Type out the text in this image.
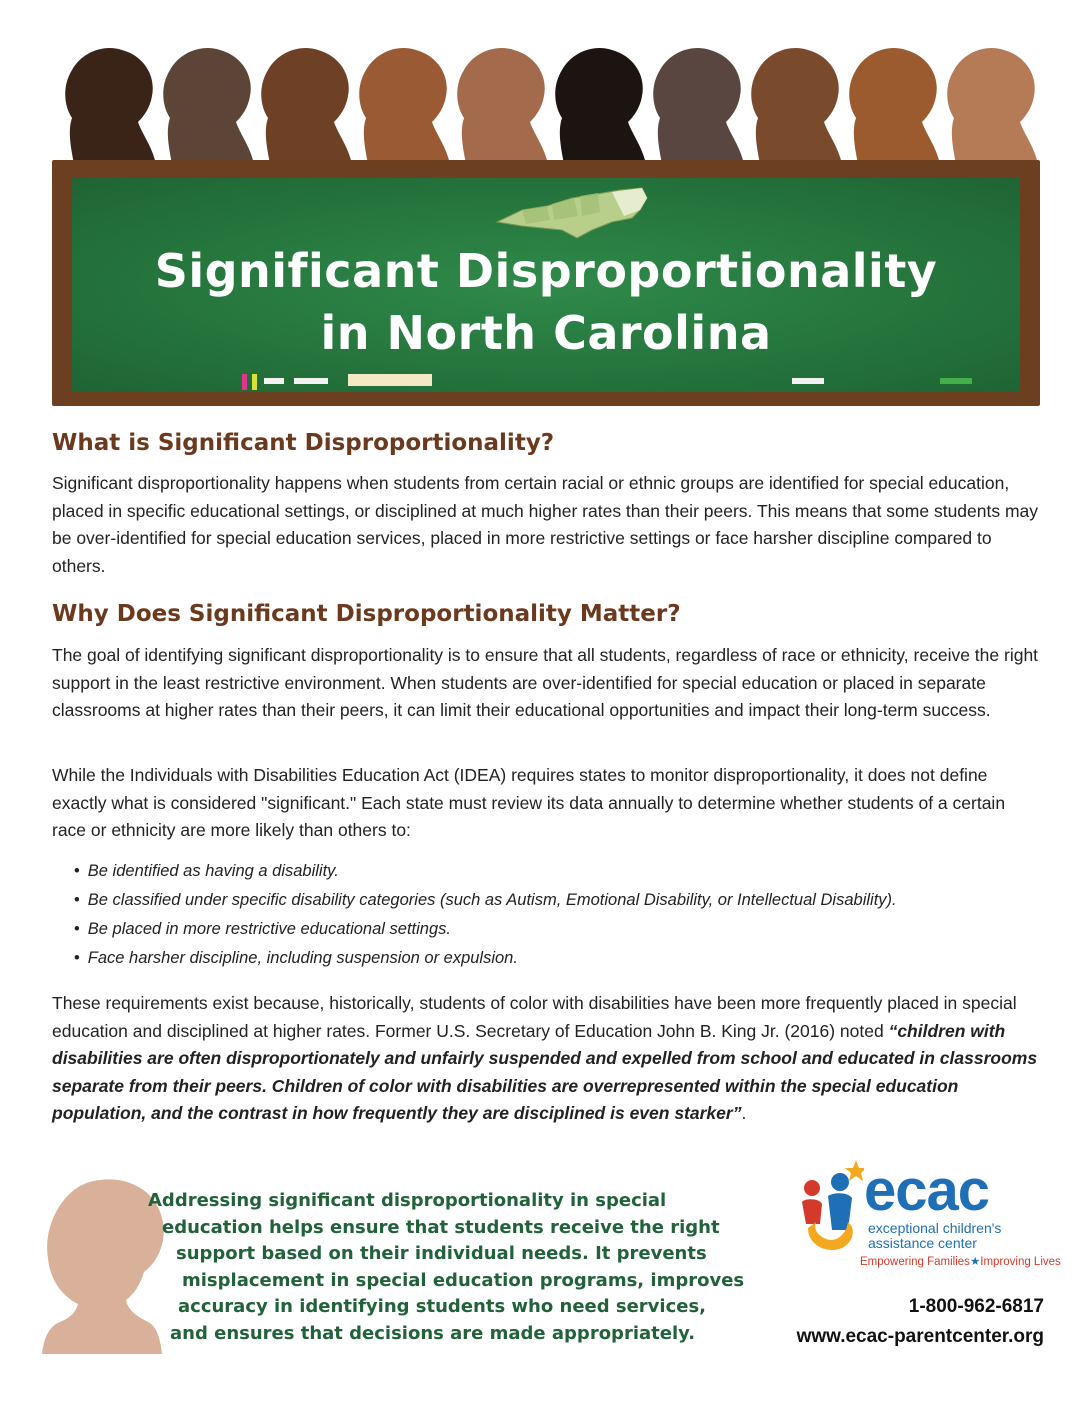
Significant Disproportionality
in North Carolina
What is Significant Disproportionality?
Significant disproportionality happens when students from certain racial or ethnic groups are identified for special education, placed in specific educational settings, or disciplined at much higher rates than their peers. This means that some students may be over-identified for special education services, placed in more restrictive settings or face harsher discipline compared to others.
Why Does Significant Disproportionality Matter?
The goal of identifying significant disproportionality is to ensure that all students, regardless of race or ethnicity, receive the right support in the least restrictive environment. When students are over-identified for special education or placed in separate classrooms at higher rates than their peers, it can limit their educational opportunities and impact their long-term success.
While the Individuals with Disabilities Education Act (IDEA) requires states to monitor disproportionality, it does not define exactly what is considered "significant." Each state must review its data annually to determine whether students of a certain race or ethnicity are more likely than others to:
• Be identified as having a disability.
• Be classified under specific disability categories (such as Autism, Emotional Disability, or Intellectual Disability).
• Be placed in more restrictive educational settings.
• Face harsher discipline, including suspension or expulsion.
These requirements exist because, historically, students of color with disabilities have been more frequently placed in special education and disciplined at higher rates. Former U.S. Secretary of Education John B. King Jr. (2016) noted “children with disabilities are often disproportionately and unfairly suspended and expelled from school and educated in classrooms separate from their peers. Children of color with disabilities are overrepresented within the special education population, and the contrast in how frequently they are disciplined is even starker”.
Addressing significant disproportionality in special
education helps ensure that students receive the right
support based on their individual needs. It prevents
misplacement in special education programs, improves
accuracy in identifying students who need services,
and ensures that decisions are made appropriately.
ecac
exceptional children's
assistance center
Empowering Families★Improving Lives
1-800-962-6817
www.ecac-parentcenter.org
